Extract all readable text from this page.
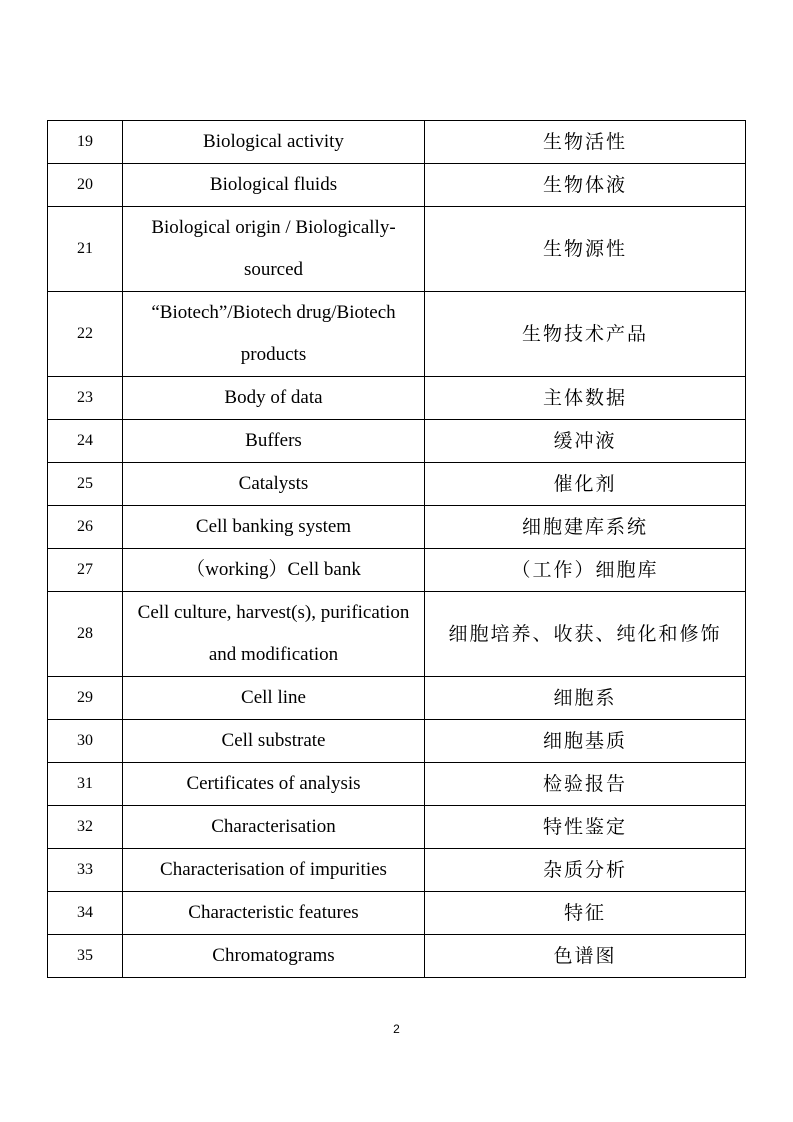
19	Biological activity	生物活性
20	Biological fluids	生物体液
21	Biological origin / Biologically-sourced	生物源性
22	“Biotech”/Biotech drug/Biotech products	生物技术产品
23	Body of data	主体数据
24	Buffers	缓冲液
25	Catalysts	催化剂
26	Cell banking system	细胞建库系统
27	（working）Cell bank	（工作）细胞库
28	Cell culture, harvest(s), purification and modification	细胞培养、收获、纯化和修饰
29	Cell line	细胞系
30	Cell substrate	细胞基质
31	Certificates of analysis	检验报告
32	Characterisation	特性鉴定
33	Characterisation of impurities	杂质分析
34	Characteristic features	特征
35	Chromatograms	色谱图
2
